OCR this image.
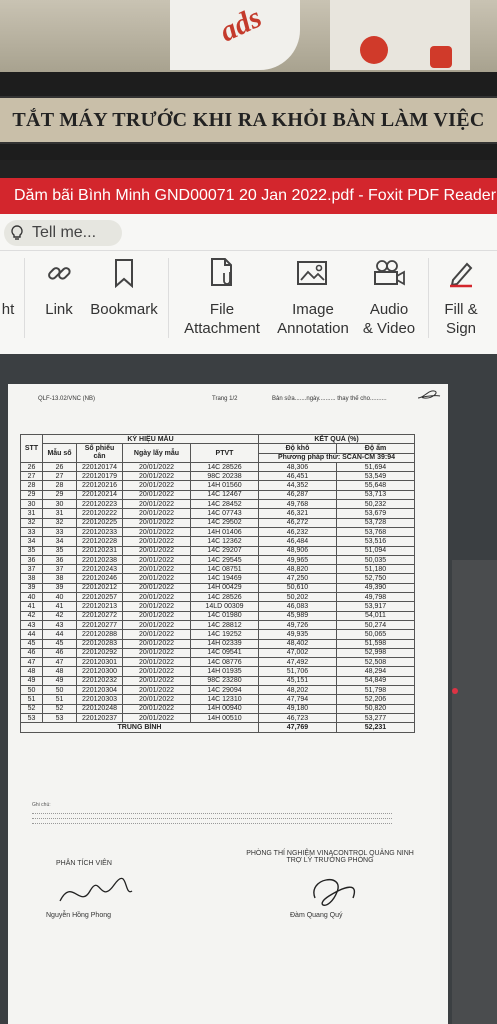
ads
TẮT MÁY TRƯỚC KHI RA KHỎI BÀN LÀM VIỆC
Dăm bãi Bình Minh GND00071 20 Jan 2022.pdf - Foxit PDF Reader
Tell me...
ht	Link	Bookmark	File
Attachment
Image
Annotation
Audio
& Video
Fill &
Sign
QLF-13.02/VNC (NB)	Trang 1/2	Bản sửa.......ngày.......... thay thế cho..........
STT	KÝ HIỆU MẪU				KẾT QUẢ (%)	
	Mẫu số	Số phiếu cân	Ngày lấy mẫu	PTVT	Độ khô	Độ ẩm
					Phương pháp thử: SCAN-CM 39:94	
26	26	220120174	20/01/2022	14C 28526	48,306	51,694
27	27	220120179	20/01/2022	98C 20238	46,451	53,549
28	28	220120216	20/01/2022	14H 01560	44,352	55,648
29	29	220120214	20/01/2022	14C 12467	46,287	53,713
30	30	220120223	20/01/2022	14C 28452	49,768	50,232
31	31	220120222	20/01/2022	14C 07743	46,321	53,679
32	32	220120225	20/01/2022	14C 29502	46,272	53,728
33	33	220120233	20/01/2022	14H 01406	46,232	53,768
34	34	220120228	20/01/2022	14C 12362	46,484	53,516
35	35	220120231	20/01/2022	14C 29207	48,906	51,094
36	36	220120238	20/01/2022	14C 29545	49,965	50,035
37	37	220120243	20/01/2022	14C 08751	48,820	51,180
38	38	220120246	20/01/2022	14C 19469	47,250	52,750
39	39	220120212	20/01/2022	14H 00429	50,610	49,390
40	40	220120257	20/01/2022	14C 28526	50,202	49,798
41	41	220120213	20/01/2022	14LD 00309	46,083	53,917
42	42	220120272	20/01/2022	14C 01980	45,989	54,011
43	43	220120277	20/01/2022	14C 28812	49,726	50,274
44	44	220120288	20/01/2022	14C 19252	49,935	50,065
45	45	220120283	20/01/2022	14H 02339	48,402	51,598
46	46	220120292	20/01/2022	14C 09541	47,002	52,998
47	47	220120301	20/01/2022	14C 08776	47,492	52,508
48	48	220120300	20/01/2022	14H 01935	51,706	48,294
49	49	220120232	20/01/2022	98C 23280	45,151	54,849
50	50	220120304	20/01/2022	14C 29094	48,202	51,798
51	51	220120303	20/01/2022	14C 12310	47,794	52,206
52	52	220120248	20/01/2022	14H 00940	49,180	50,820
53	53	220120237	20/01/2022	14H 00510	46,723	53,277
TRUNG BÌNH					47,769	52,231
Ghi chú:
PHÒNG THÍ NGHIỆM VINACONTROL QUẢNG NINH
TRỢ LÝ TRƯỞNG PHÒNG
PHÂN TÍCH VIÊN
Nguyễn Hồng Phong	Đàm Quang Quý
